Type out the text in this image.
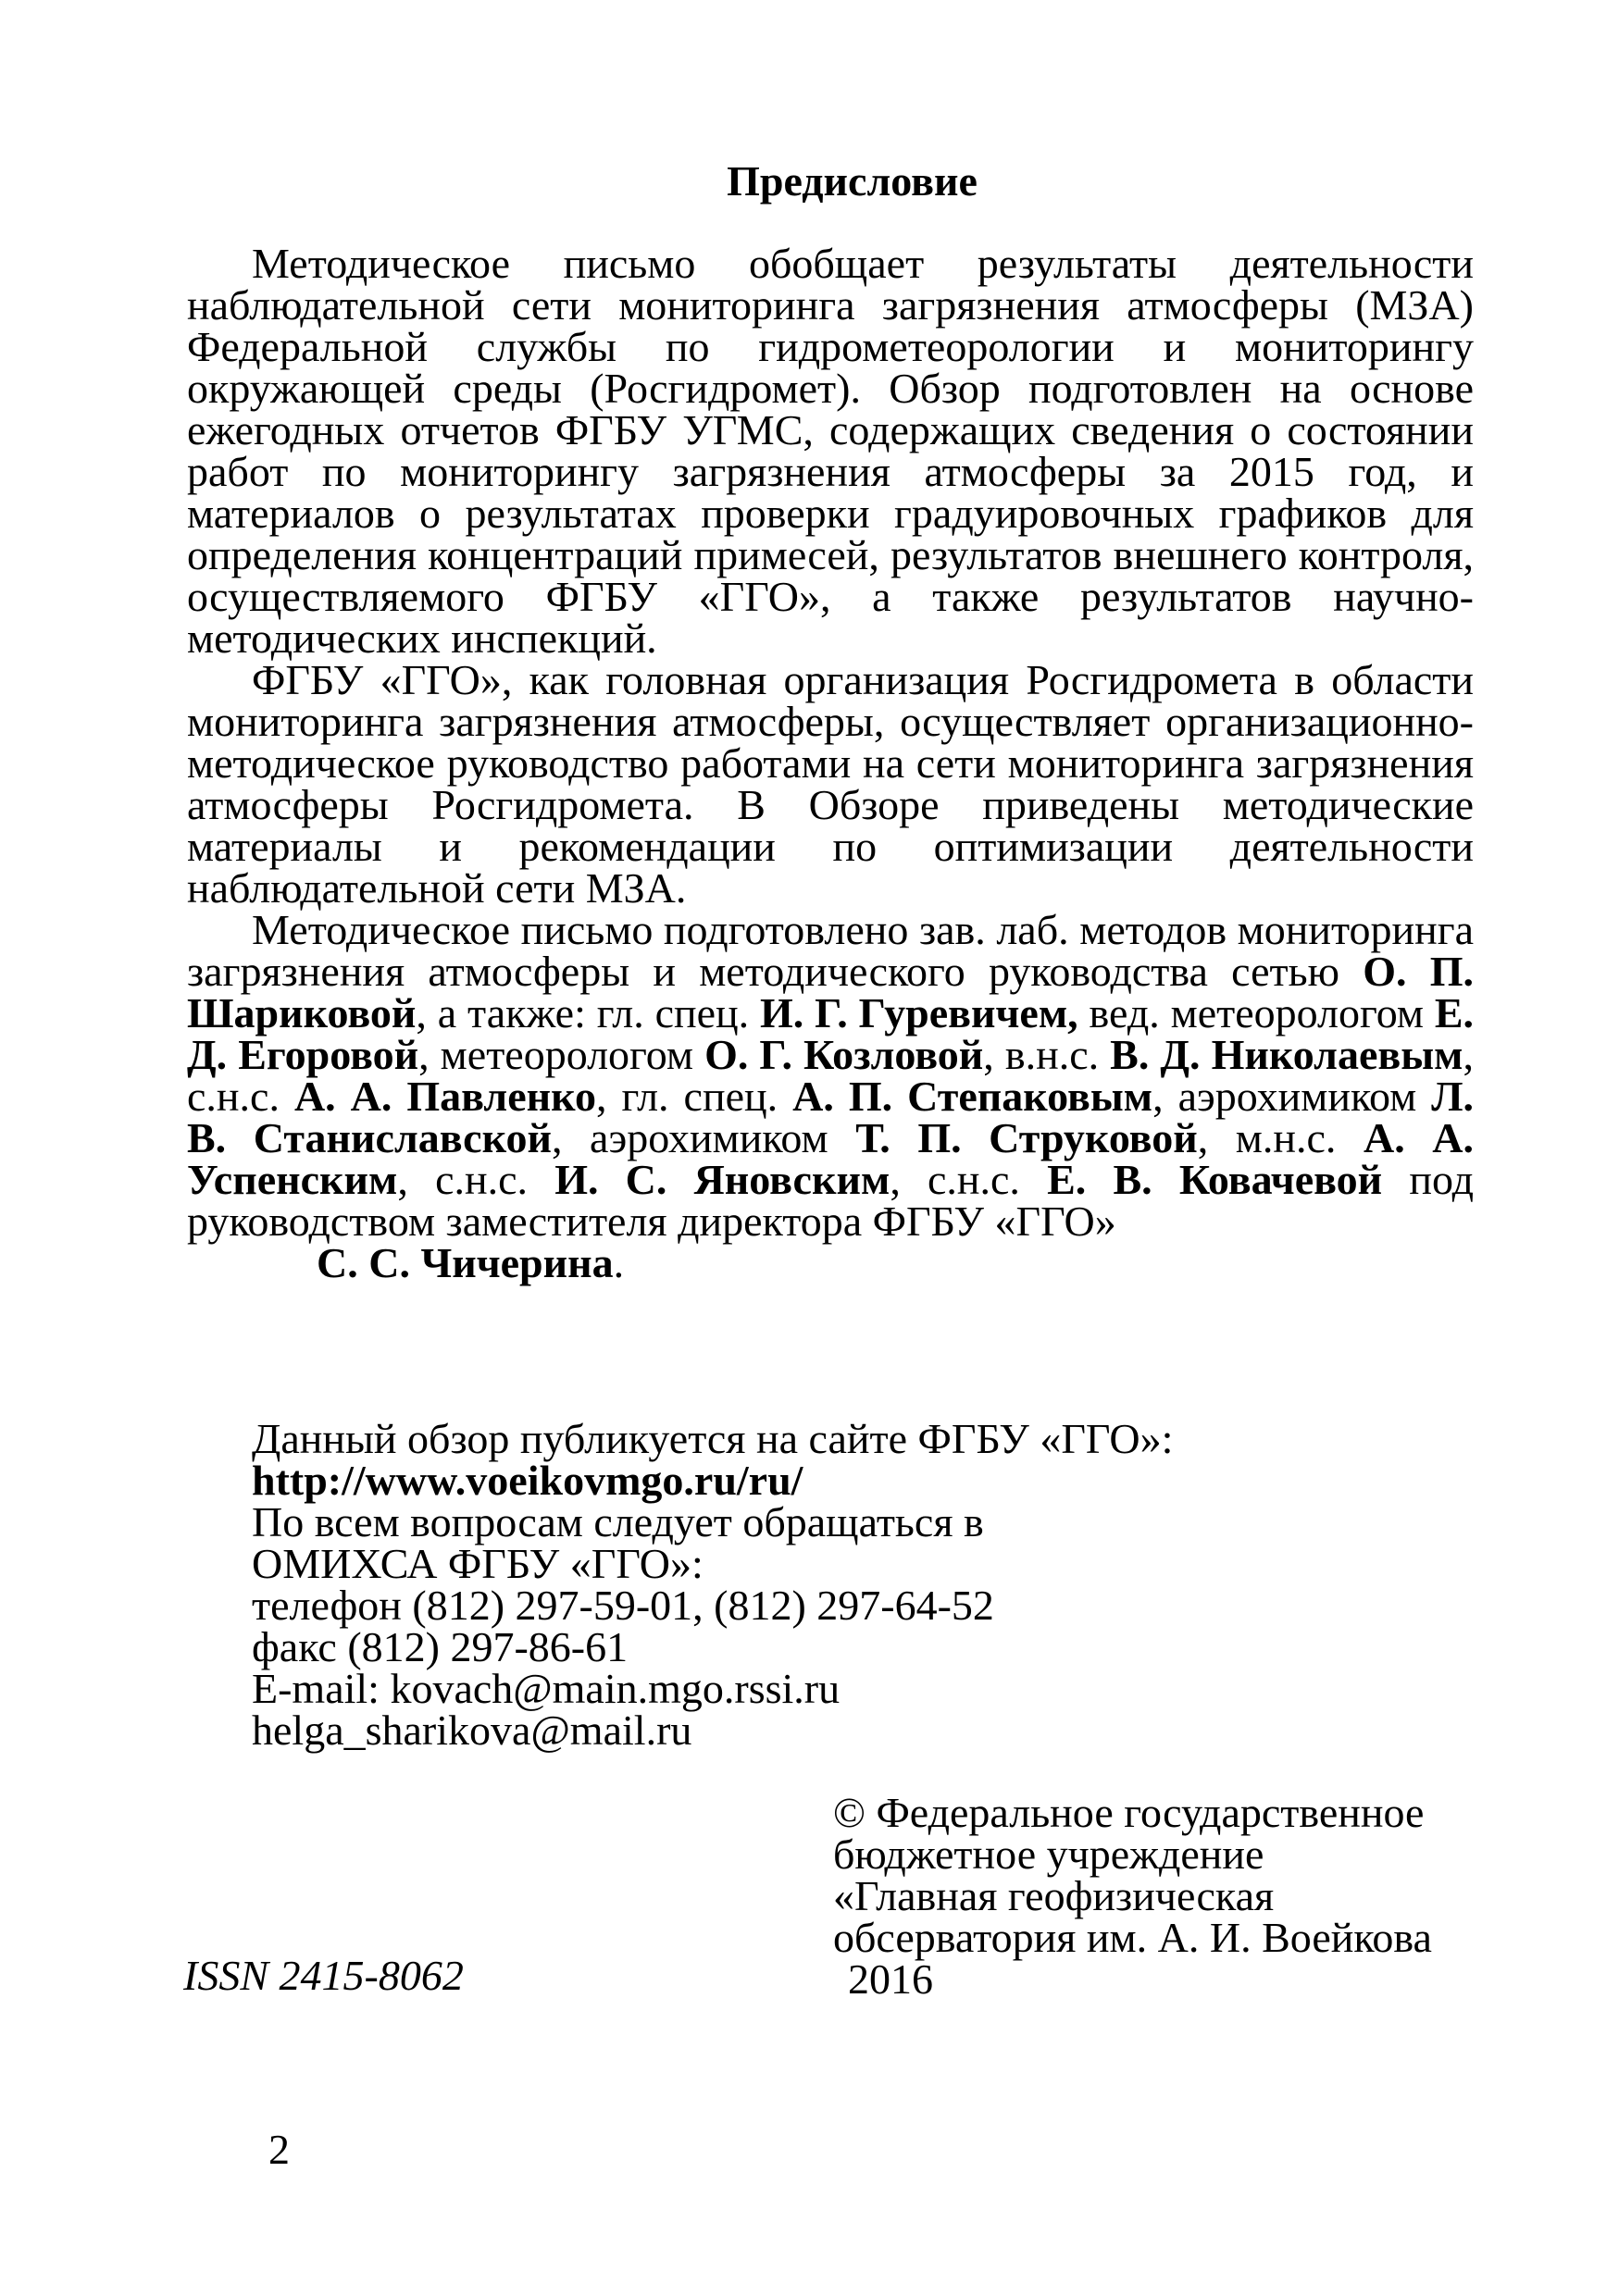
Предисловие

Методическое письмо обобщает результаты деятельности наблюдательной сети мониторинга загрязнения атмосферы (МЗА) Федеральной службы по гидрометеорологии и мониторингу окружающей среды (Росгидромет). Обзор подготовлен на основе ежегодных отчетов ФГБУ УГМС, содержащих сведения о состоянии работ по мониторингу загрязнения атмосферы за 2015 год, и материалов о результатах проверки градуировочных графиков для определения концентраций примесей, результатов внешнего контроля, осуществляемого ФГБУ «ГГО», а также результатов научно-методических инспекций.

ФГБУ «ГГО», как головная организация Росгидромета в области мониторинга загрязнения атмосферы, осуществляет организационно-методическое руководство работами на сети мониторинга загрязнения атмосферы Росгидромета. В Обзоре приведены методические материалы и рекомендации по оптимизации деятельности наблюдательной сети МЗА.

Методическое письмо подготовлено зав. лаб. методов мониторинга загрязнения атмосферы и методического руководства сетью О. П. Шариковой, а также: гл. спец. И. Г. Гуревичем, вед. метеорологом Е. Д. Егоровой, метеорологом О. Г. Козловой, в.н.с. В. Д. Николаевым, с.н.с. А. А. Павленко, гл. спец. А. П. Степаковым, аэрохимиком Л. В. Станиславской, аэрохимиком Т. П. Струковой, м.н.с. А. А. Успенским, с.н.с. И. С. Яновским, с.н.с. Е. В. Ковачевой под руководством заместителя директора ФГБУ «ГГО»

С. С. Чичерина.

Данный обзор публикуется на сайте ФГБУ «ГГО»:
http://www.voeikovmgo.ru/ru/
По всем вопросам следует обращаться в
ОМИХСА ФГБУ «ГГО»:
телефон (812) 297-59-01, (812) 297-64-52
факс (812) 297-86-61
E-mail: kovach@main.mgo.rssi.ru
helga_sharikova@mail.ru
© Федеральное государственное
бюджетное учреждение
«Главная геофизическая
обсерватория им. А. И. Воейкова
2016
ISSN 2415-8062
2
